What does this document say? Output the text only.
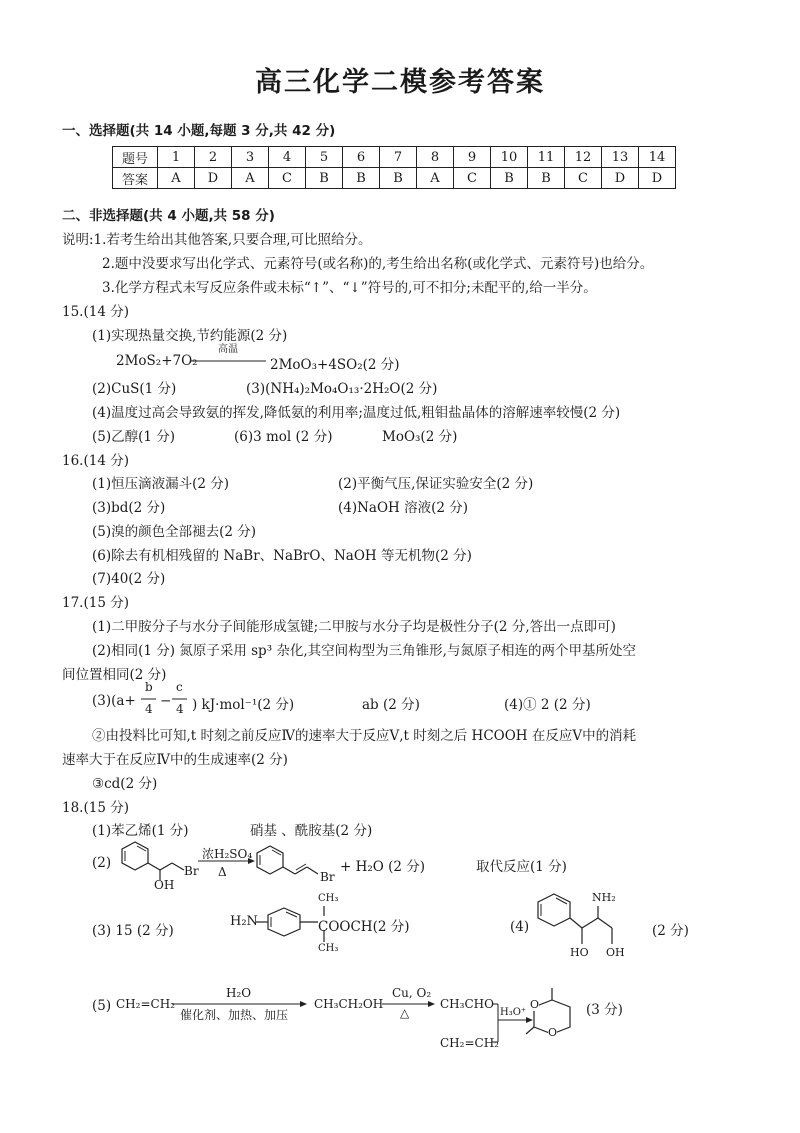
高三化学二模参考答案
一、选择题(共 14 小题,每题 3 分,共 42 分)
题号	1	2	3	4	5	6	7	8	9	10	11	12	13	14
答案	A	D	A	C	B	B	B	A	C	B	B	C	D	D
二、非选择题(共 4 小题,共 58 分)
说明:1.若考生给出其他答案,只要合理,可比照给分。
2.题中没要求写出化学式、元素符号(或名称)的,考生给出名称(或化学式、元素符号)也给分。
3.化学方程式未写反应条件或未标“↑”、“↓”符号的,可不扣分;未配平的,给一半分。
15.(14 分)
(1)实现热量交换,节约能源(2 分)
2MoS₂+7O₂
高温
2MoO₃+4SO₂(2 分)
(2)CuS(1 分)	(3)(NH₄)₂Mo₄O₁₃·2H₂O(2 分)
(4)温度过高会导致氨的挥发,降低氨的利用率;温度过低,粗钼盐晶体的溶解速率较慢(2 分)
(5)乙醇(1 分)	(6)3 mol (2 分)	MoO₃(2 分)
16.(14 分)
(1)恒压滴液漏斗(2 分)	(2)平衡气压,保证实验安全(2 分)
(3)bd(2 分)	(4)NaOH 溶液(2 分)
(5)溴的颜色全部褪去(2 分)
(6)除去有机相残留的 NaBr、NaBrO、NaOH 等无机物(2 分)
(7)40(2 分)
17.(15 分)
(1)二甲胺分子与水分子间能形成氢键;二甲胺与水分子均是极性分子(2 分,答出一点即可)
(2)相同(1 分) 氮原子采用 sp³ 杂化,其空间构型为三角锥形,与氮原子相连的两个甲基所处空
间位置相同(2 分)
(3)(a+
b
4 −
c
4 ) kJ·mol⁻¹(2 分)	ab (2 分)	(4)① 2 (2 分)
②由投料比可知,t 时刻之前反应Ⅳ的速率大于反应Ⅴ,t 时刻之后 HCOOH 在反应Ⅴ中的消耗
速率大于在反应Ⅳ中的生成速率(2 分)
③cd(2 分)
18.(15 分)
(1)苯乙烯(1 分)	硝基 、酰胺基(2 分)
(2)
OH
Br
浓H₂SO₄
Δ	Br
+ H₂O (2 分)	取代反应(1 分)
(3) 15 (2 分)
H₂N
CH₃
COOCH(2 分)
CH₃
(4)
NH₂
HO OH
(2 分)
(5) CH₂=CH₂
H₂O
催化剂、加热、加压
CH₃CH₂OH
Cu, O₂
△
CH₃CHO
H₃O⁺
CH₂=CH₂
O
O
(3 分)
